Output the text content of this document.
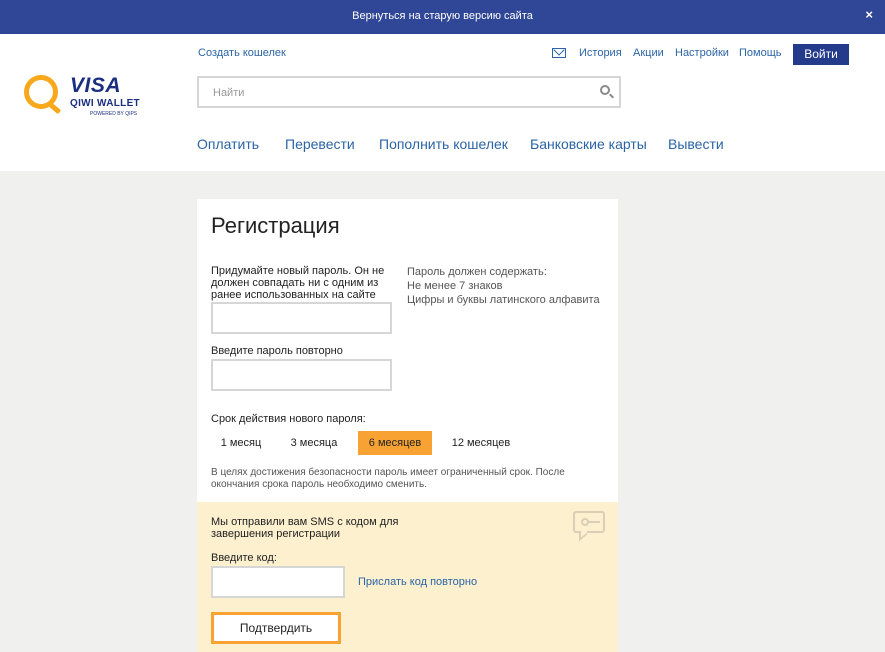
Вернуться на старую версию сайта	×
VISA
QIWI WALLET
POWERED BY QIPS
Создать кошелек	История Акции Настройки Помощь	Войти
Найти
Оплатить Перевести Пополнить кошелек Банковские карты Вывести
Регистрация
Придумайте новый пароль. Он не должен совпадать ни с одним из ранее использованных на сайте
Пароль должен содержать:
Не менее 7 знаков
Цифры и буквы латинского алфавита
Введите пароль повторно
Срок действия нового пароля:
1 месяц	3 месяца	6 месяцев	12 месяцев
В целях достижения безопасности пароль имеет ограниченный срок. После окончания срока пароль необходимо сменить.
Мы отправили вам SMS с кодом для завершения регистрации
Введите код:
Прислать код повторно
Подтвердить
